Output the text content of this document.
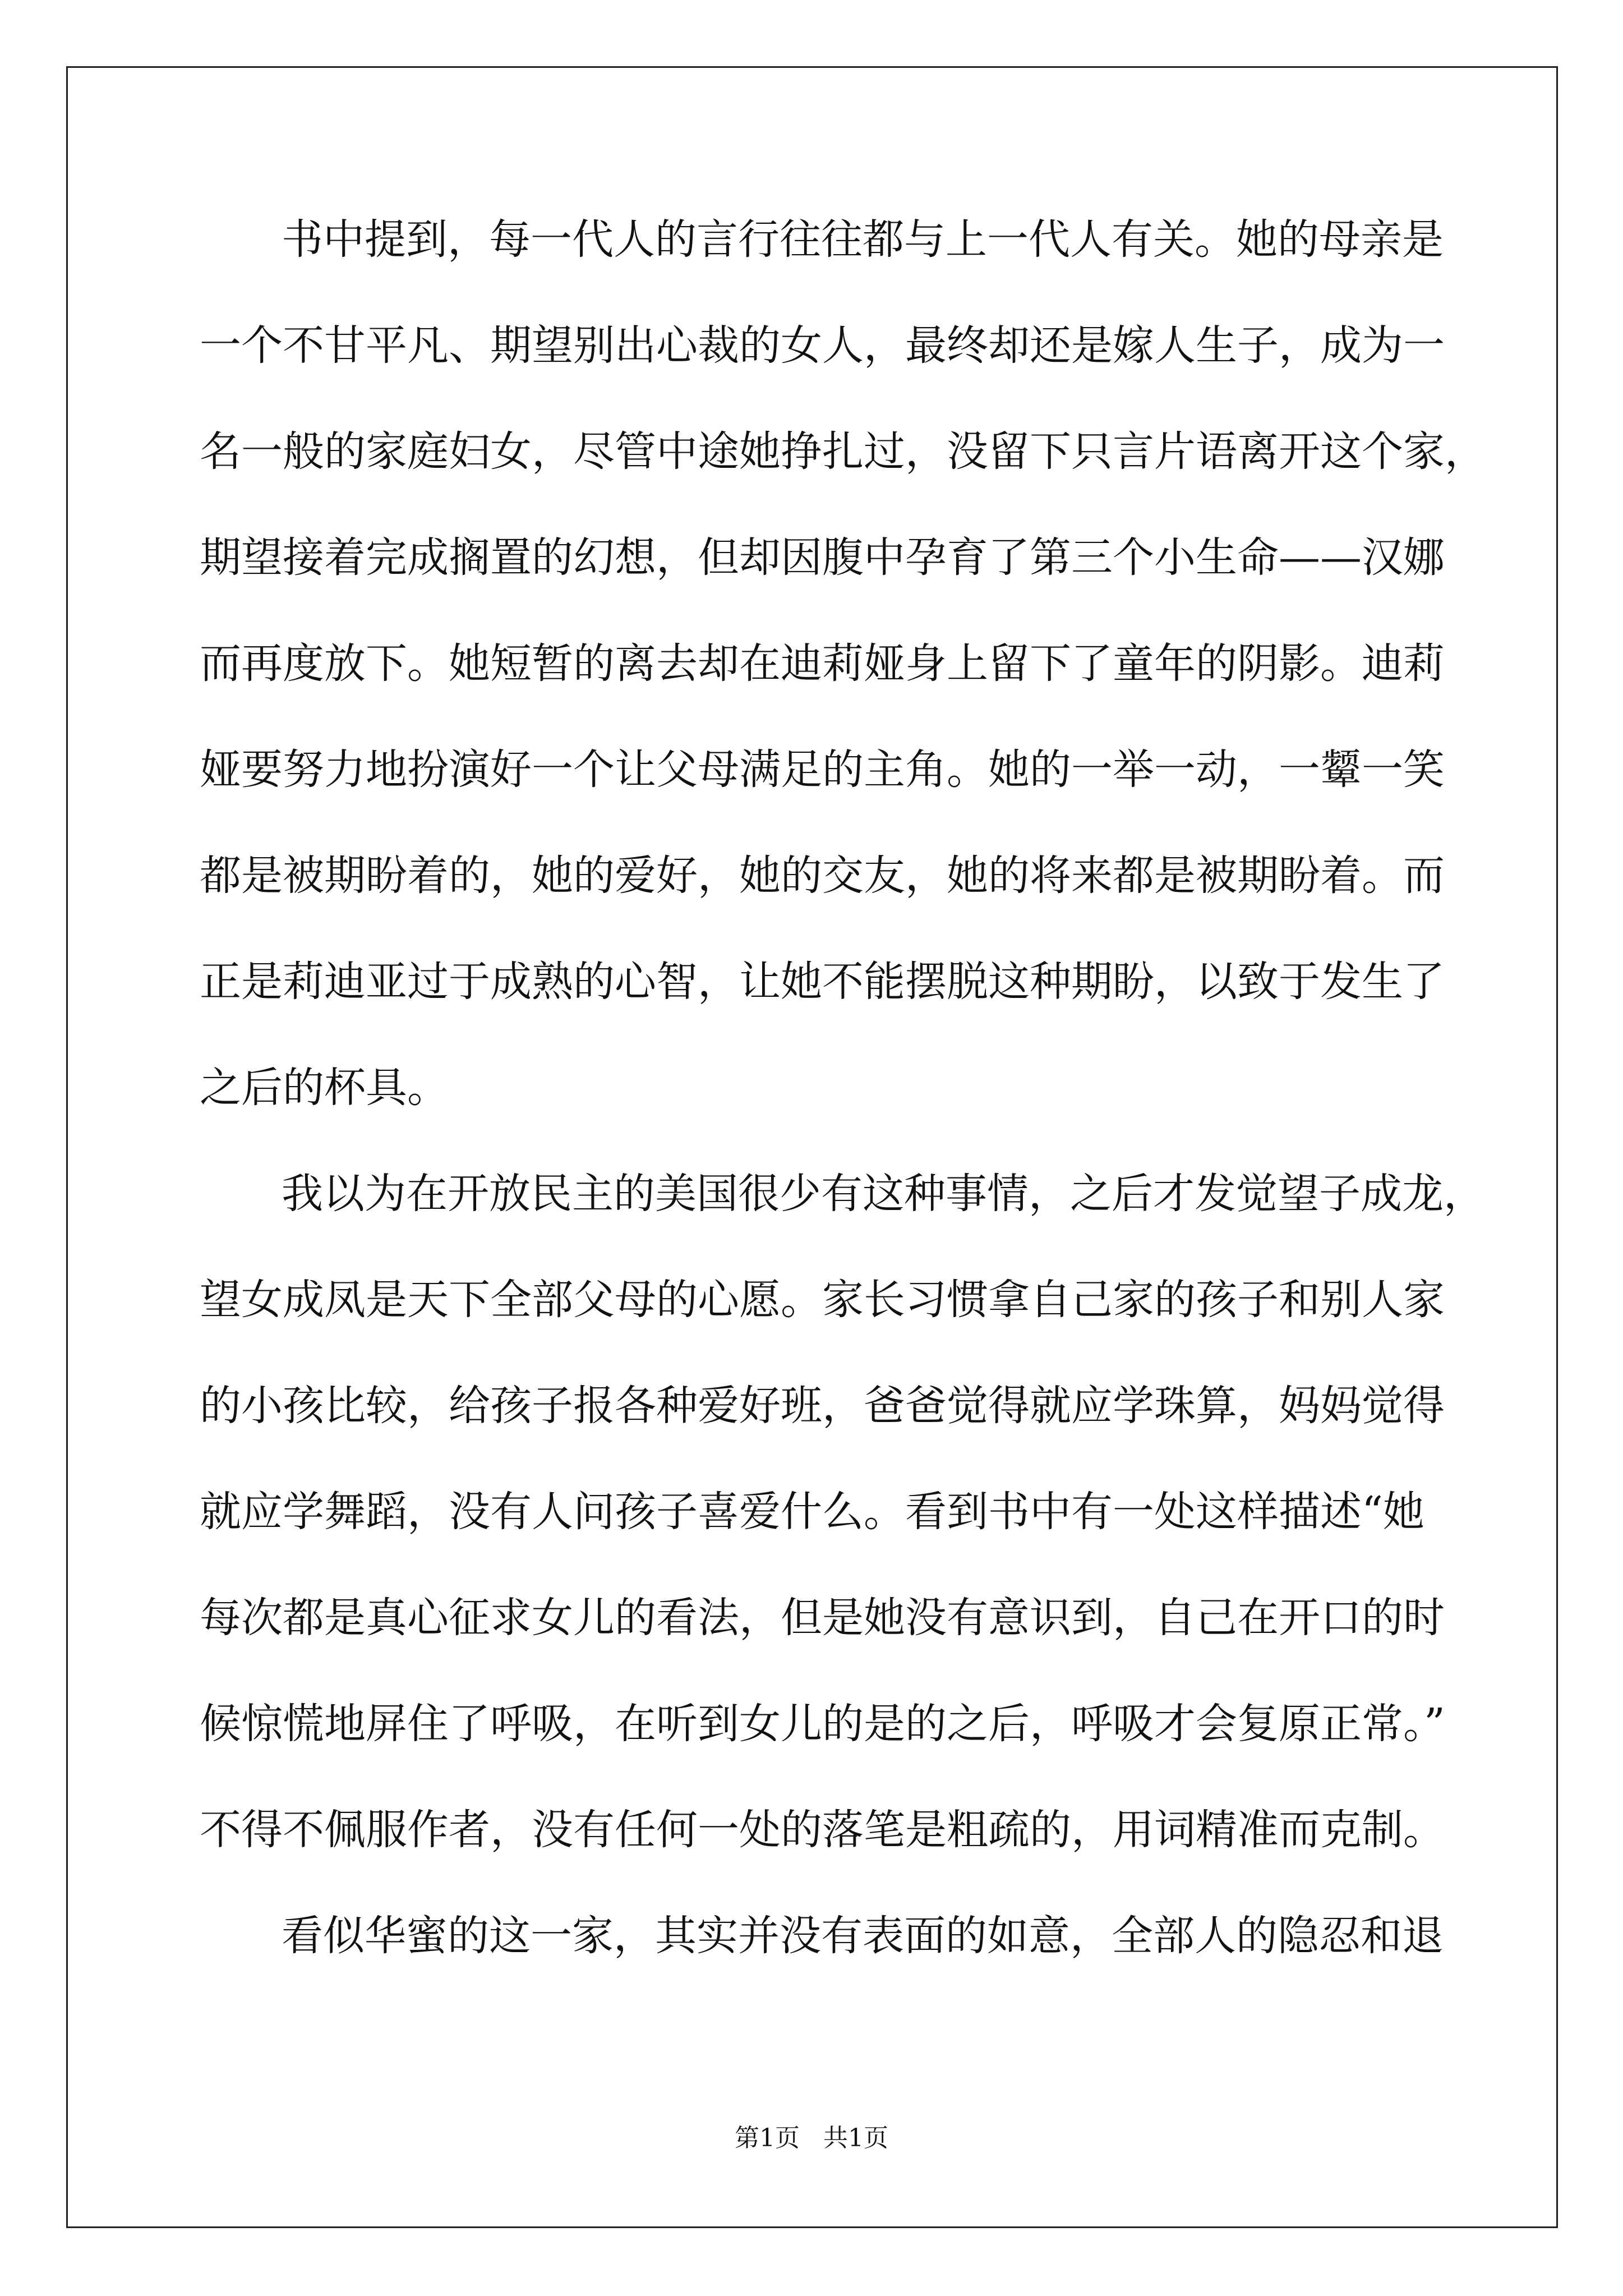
书中提到，每一代人的言行往往都与上一代人有关。她的母亲是
一个不甘平凡、期望别出心裁的女人，最终却还是嫁人生子，成为一
名一般的家庭妇女，尽管中途她挣扎过，没留下只言片语离开这个家，
期望接着完成搁置的幻想，但却因腹中孕育了第三个小生命——汉娜
而再度放下。她短暂的离去却在迪莉娅身上留下了童年的阴影。迪莉
娅要努力地扮演好一个让父母满足的主角。她的一举一动，一颦一笑
都是被期盼着的，她的爱好，她的交友，她的将来都是被期盼着。而
正是莉迪亚过于成熟的心智，让她不能摆脱这种期盼，以致于发生了
之后的杯具。
我以为在开放民主的美国很少有这种事情，之后才发觉望子成龙，
望女成凤是天下全部父母的心愿。家长习惯拿自己家的孩子和别人家
的小孩比较，给孩子报各种爱好班，爸爸觉得就应学珠算，妈妈觉得
就应学舞蹈，没有人问孩子喜爱什么。看到书中有一处这样描述“她
每次都是真心征求女儿的看法，但是她没有意识到，自己在开口的时
候惊慌地屏住了呼吸，在听到女儿的是的之后，呼吸才会复原正常。”
不得不佩服作者，没有任何一处的落笔是粗疏的，用词精准而克制。
看似华蜜的这一家，其实并没有表面的如意，全部人的隐忍和退
第1页   共1页
